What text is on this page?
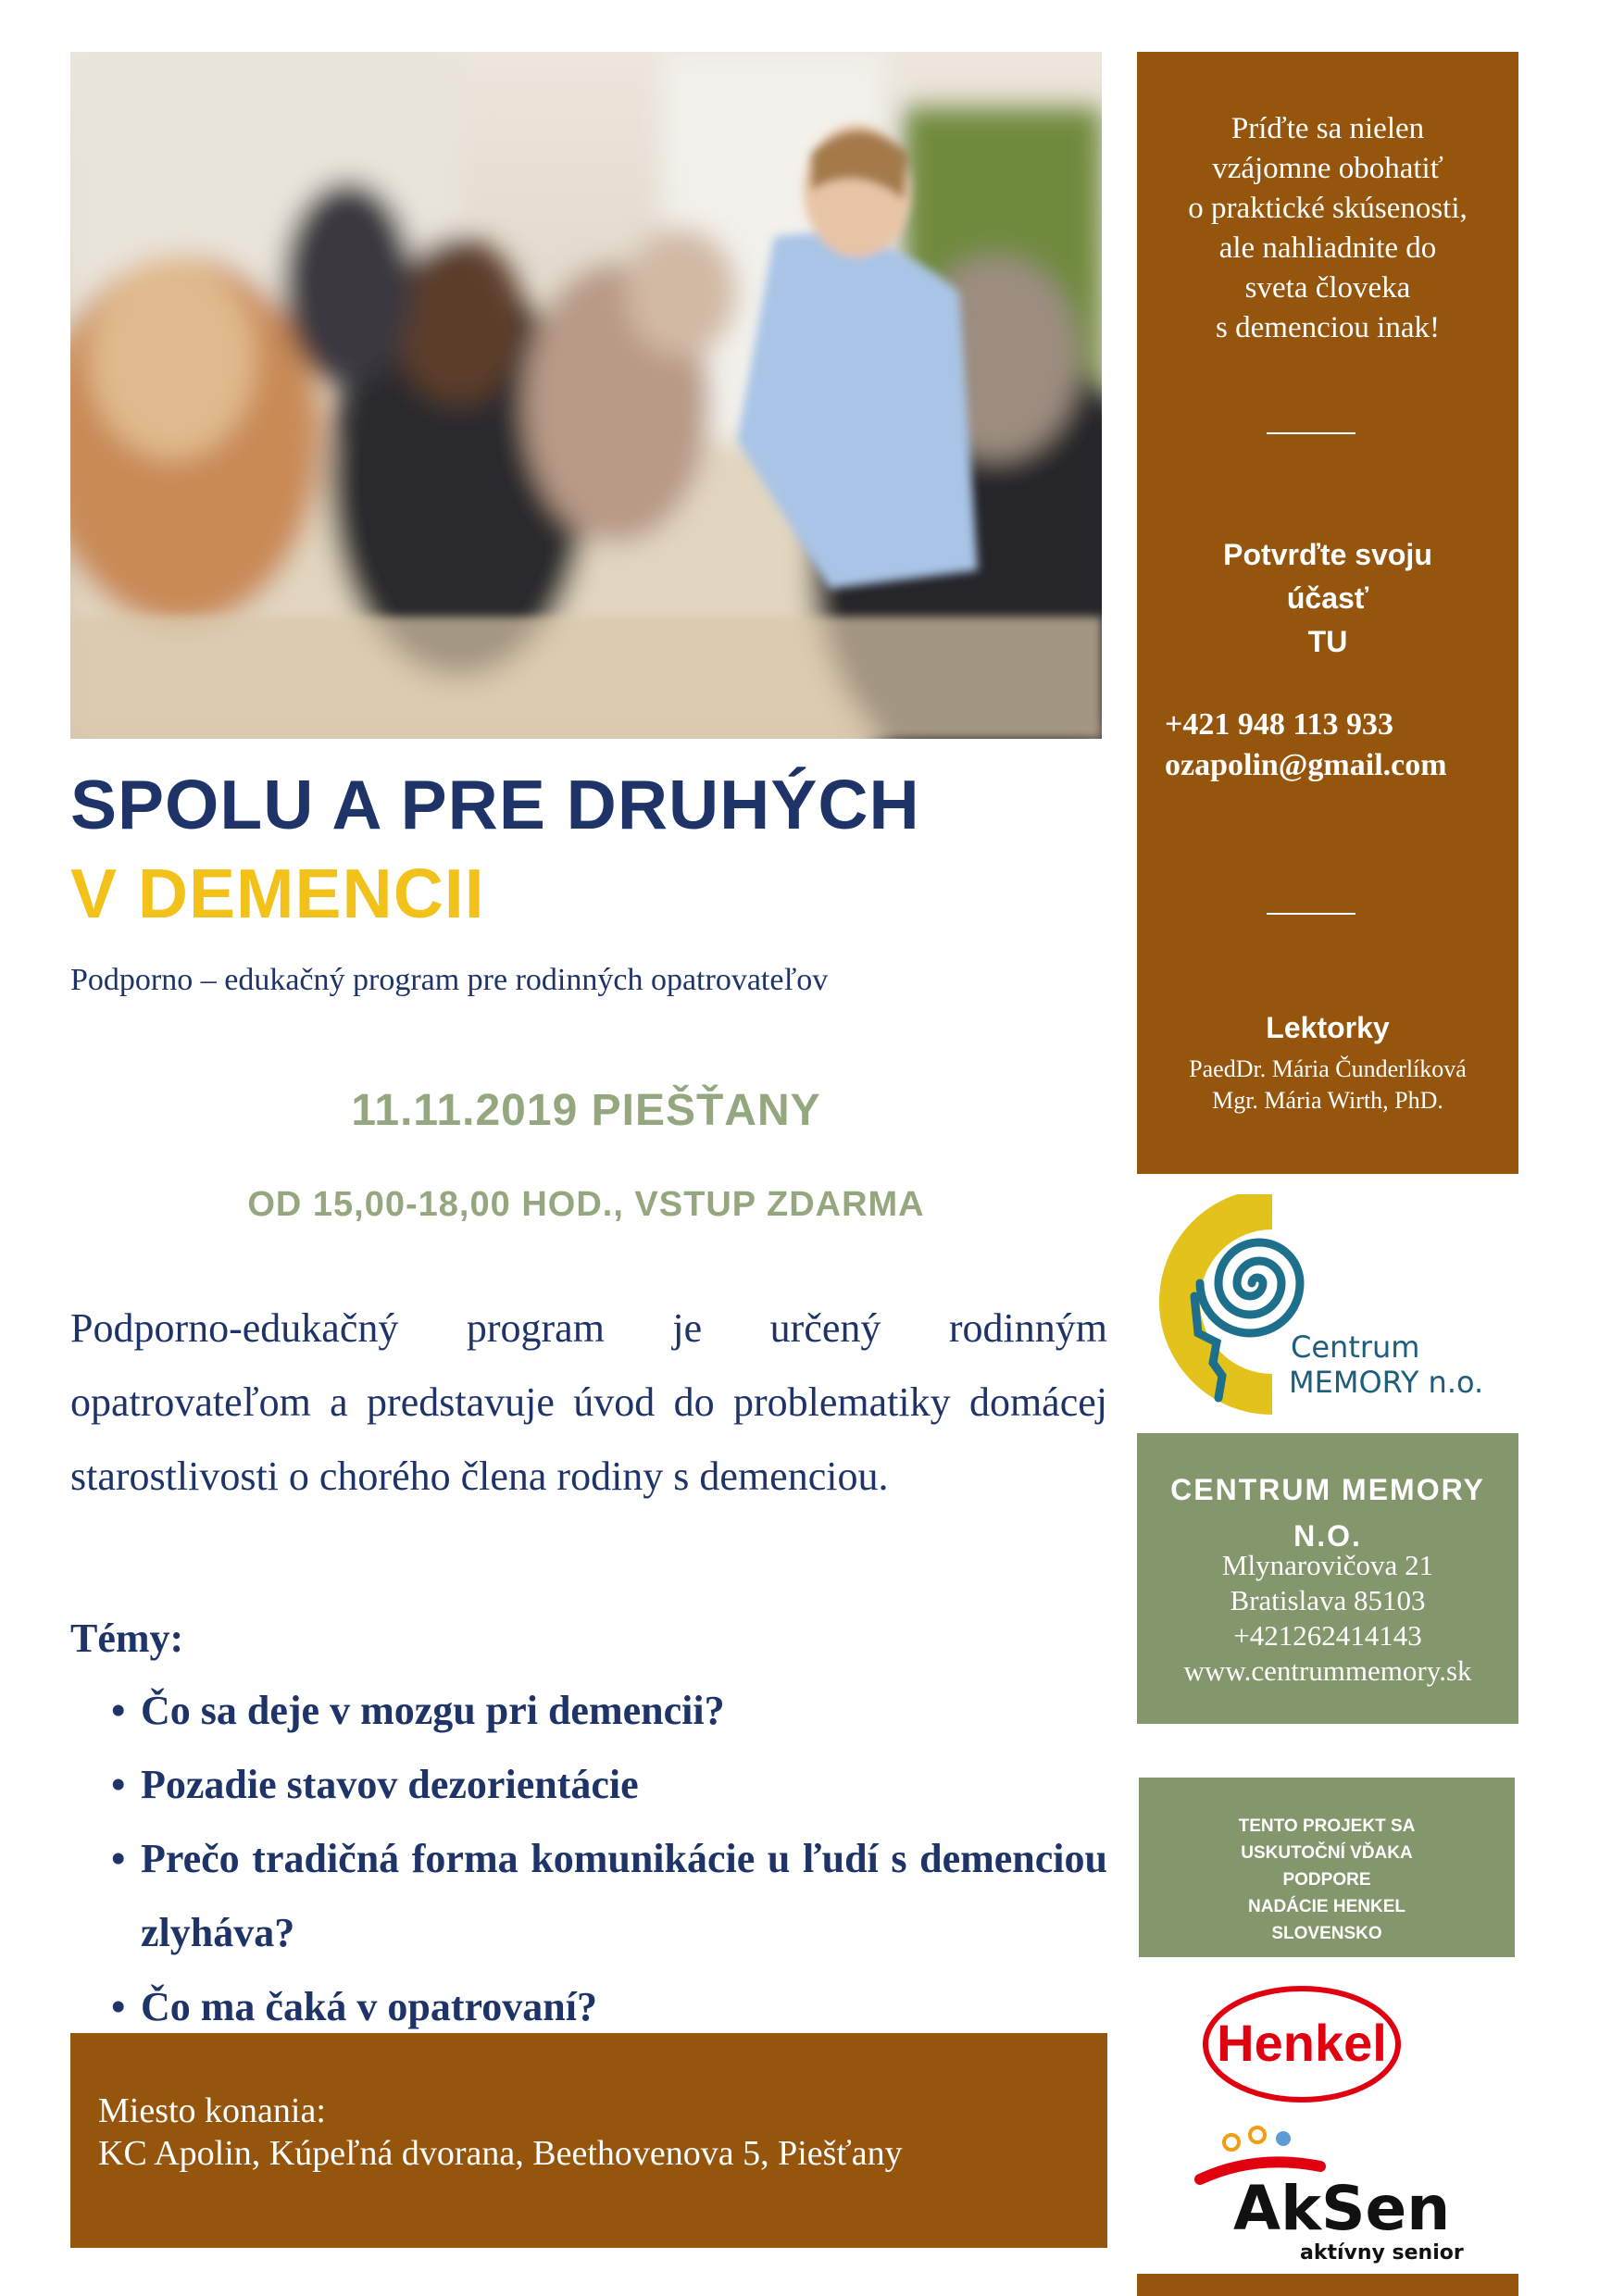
SPOLU A PRE DRUHÝCH
V DEMENCII
Podporno – edukačný program pre rodinných opatrovateľov
11.11.2019 PIEŠŤANY
OD 15,00-18,00 HOD., VSTUP ZDARMA
Podporno-edukačný program je určený rodinným opatrovateľom a predstavuje úvod do problematiky domácej starostlivosti o chorého člena rodiny s demenciou.
Témy:
• Čo sa deje v mozgu pri demencii?
• Pozadie stavov dezorientácie
• Prečo tradičná forma komunikácie u ľudí s demenciou zlyháva?
• Čo ma čaká v opatrovaní?
Miesto konania:
KC Apolin, Kúpeľná dvorana, Beethovenova 5, Piešťany
Príďte sa nielen
vzájomne obohatiť
o praktické skúsenosti,
ale nahliadnite do
sveta človeka
s demenciou inak!
Potvrďte svoju
účasť
TU
+421 948 113 933
ozapolin@gmail.com
Lektorky
PaedDr. Mária Čunderlíková
Mgr. Mária Wirth, PhD.
Centrum
MEMORY n.o.
CENTRUM MEMORY
N.O.
Mlynarovičova 21
Bratislava 85103
+421262414143
www.centrummemory.sk
TENTO PROJEKT SA
USKUTOČNÍ VĎAKA
PODPORE
NADÁCIE HENKEL
SLOVENSKO
Henkel
AkSen
aktívny senior
